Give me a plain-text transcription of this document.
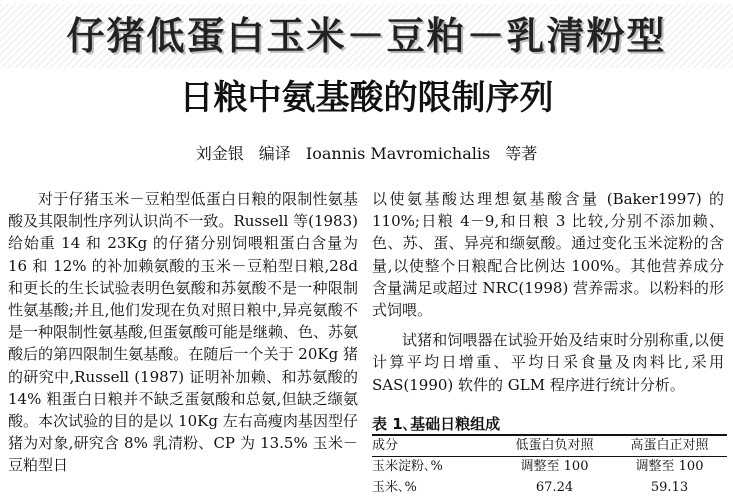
仔猪低蛋白玉米－豆粕－乳清粉型
日粮中氨基酸的限制序列
刘金银 编译 Ioannis Mavromichalis 等著

对于仔猪玉米－豆粕型低蛋白日粮的限制性氨基酸及其限制性序列认识尚不一致。Russell 等(1983) 给始重 14 和 23Kg 的仔猪分别饲喂粗蛋白含量为 16 和 12% 的补加赖氨酸的玉米－豆粕型日粮,28d 和更长的生长试验表明色氨酸和苏氨酸不是一种限制性氨基酸;并且,他们发现在负对照日粮中,异亮氨酸不是一种限制性氨基酸,但蛋氨酸可能是继赖、色、苏氨酸后的第四限制生氨基酸。在随后一个关于 20Kg 猪的研究中,Russell (1987) 证明补加赖、和苏氨酸的 14% 粗蛋白日粮并不缺乏蛋氨酸和总氨,但缺乏缬氨酸。本次试验的目的是以 10Kg 左右高瘦肉基因型仔猪为对象,研究含 8% 乳清粉、CP 为 13.5% 玉米－豆粕型日

以使氨基酸达理想氨基酸含量 (Baker1997) 的 110%;日粮 4－9,和日粮 3 比较,分别不添加赖、色、苏、蛋、异亮和缬氨酸。通过变化玉米淀粉的含量,以使整个日粮配合比例达 100%。其他营养成分含量满足或超过 NRC(1998) 营养需求。以粉料的形式饲喂。

试猪和饲喂器在试验开始及结束时分别称重,以便计算平均日增重、平均日采食量及肉料比,采用 SAS(1990) 软件的 GLM 程序进行统计分析。

表 1､基础日粮组成
成分	低蛋白负对照	高蛋白正对照
玉米淀粉､%	调整至 100	调整至 100
玉米､%	67.24	59.13
